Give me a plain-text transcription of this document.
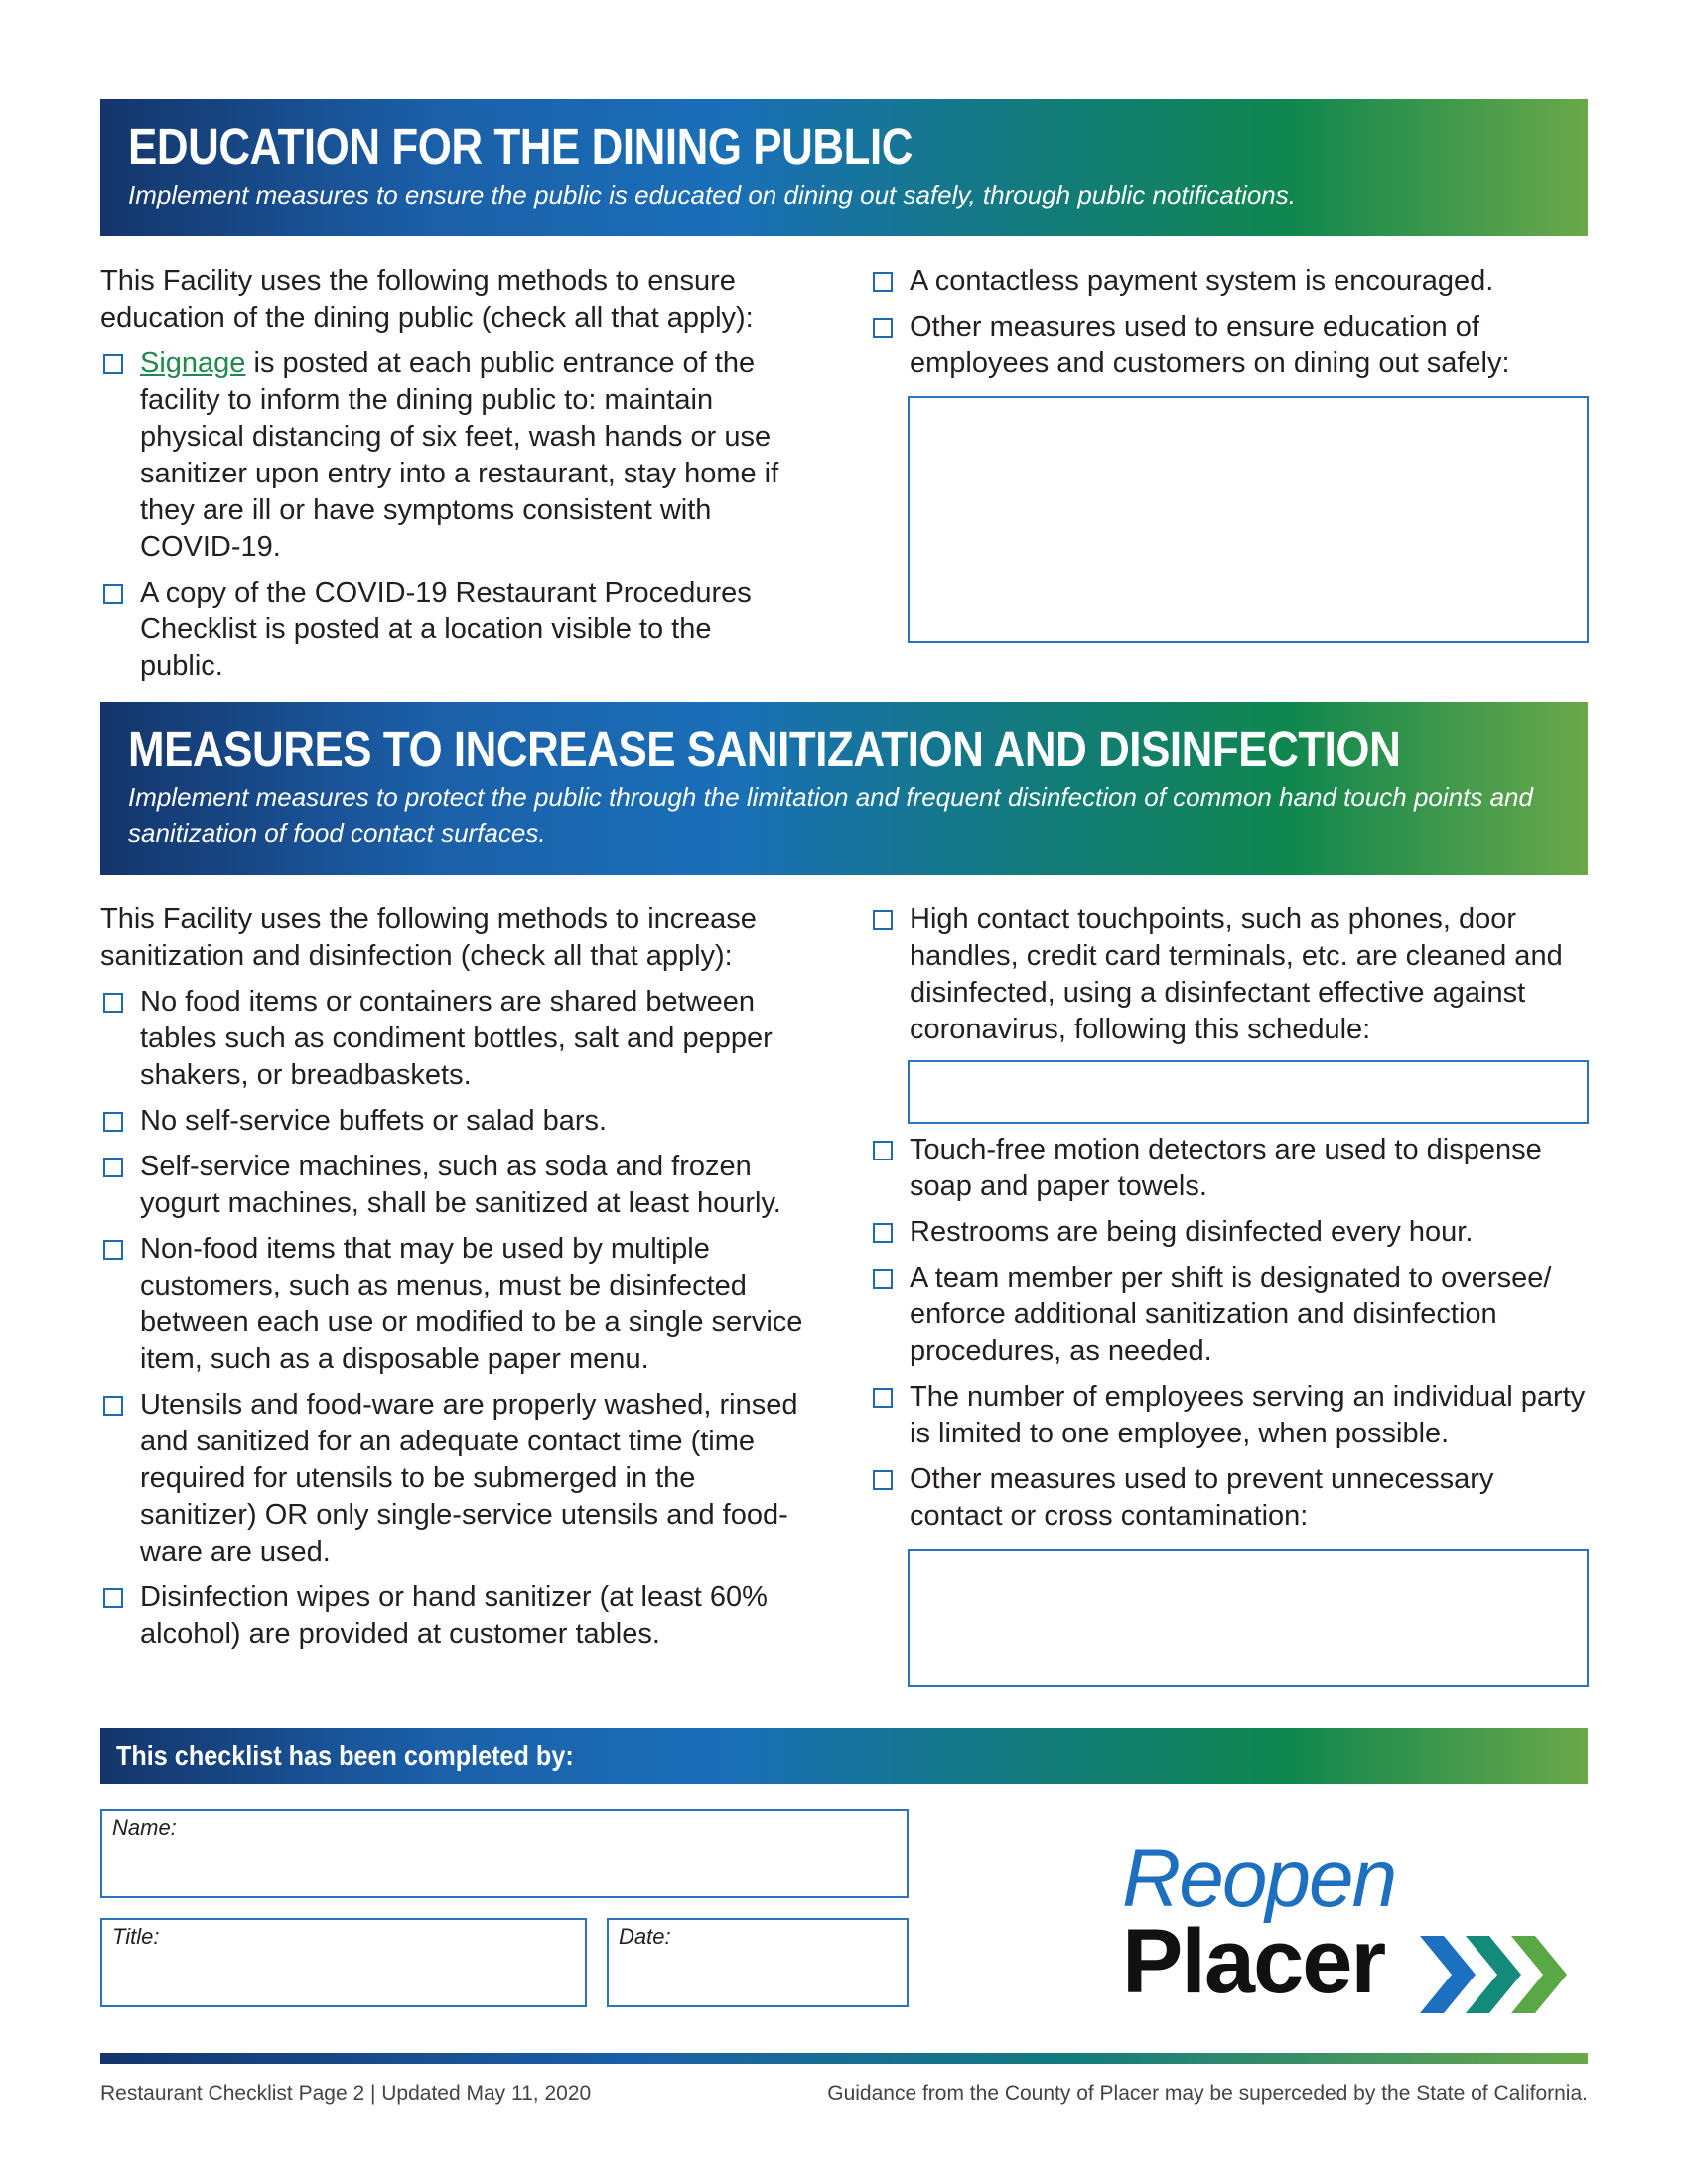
EDUCATION FOR THE DINING PUBLIC

Implement measures to ensure the public is educated on dining out safely, through public notifications.

This Facility uses the following methods to ensure education of the dining public (check all that apply):
Signage is posted at each public entrance of the facility to inform the dining public to: maintain physical distancing of six feet, wash hands or use sanitizer upon entry into a restaurant, stay home if they are ill or have symptoms consistent with COVID-19.
A copy of the COVID-19 Restaurant Procedures Checklist is posted at a location visible to the public.
A contactless payment system is encouraged.
Other measures used to ensure education of employees and customers on dining out safely:
MEASURES TO INCREASE SANITIZATION AND DISINFECTION

Implement measures to protect the public through the limitation and frequent disinfection of common hand touch points and sanitization of food contact surfaces.

This Facility uses the following methods to increase sanitization and disinfection (check all that apply):
No food items or containers are shared between tables such as condiment bottles, salt and pepper shakers, or breadbaskets.
No self-service buffets or salad bars.
Self-service machines, such as soda and frozen yogurt machines, shall be sanitized at least hourly.
Non-food items that may be used by multiple customers, such as menus, must be disinfected between each use or modified to be a single service item, such as a disposable paper menu.
Utensils and food-ware are properly washed, rinsed and sanitized for an adequate contact time (time required for utensils to be submerged in the sanitizer) OR only single-service utensils and food-ware are used.
Disinfection wipes or hand sanitizer (at least 60% alcohol) are provided at customer tables.
High contact touchpoints, such as phones, door handles, credit card terminals, etc. are cleaned and disinfected, using a disinfectant effective against coronavirus, following this schedule:
Touch-free motion detectors are used to dispense soap and paper towels.
Restrooms are being disinfected every hour.
A team member per shift is designated to oversee/ enforce additional sanitization and disinfection procedures, as needed.
The number of employees serving an individual party is limited to one employee, when possible.
Other measures used to prevent unnecessary contact or cross contamination:
This checklist has been completed by:
Name:
Title:	Date:
Reopen
Placer
Restaurant Checklist Page 2 | Updated May 11, 2020	Guidance from the County of Placer may be superceded by the State of California.
